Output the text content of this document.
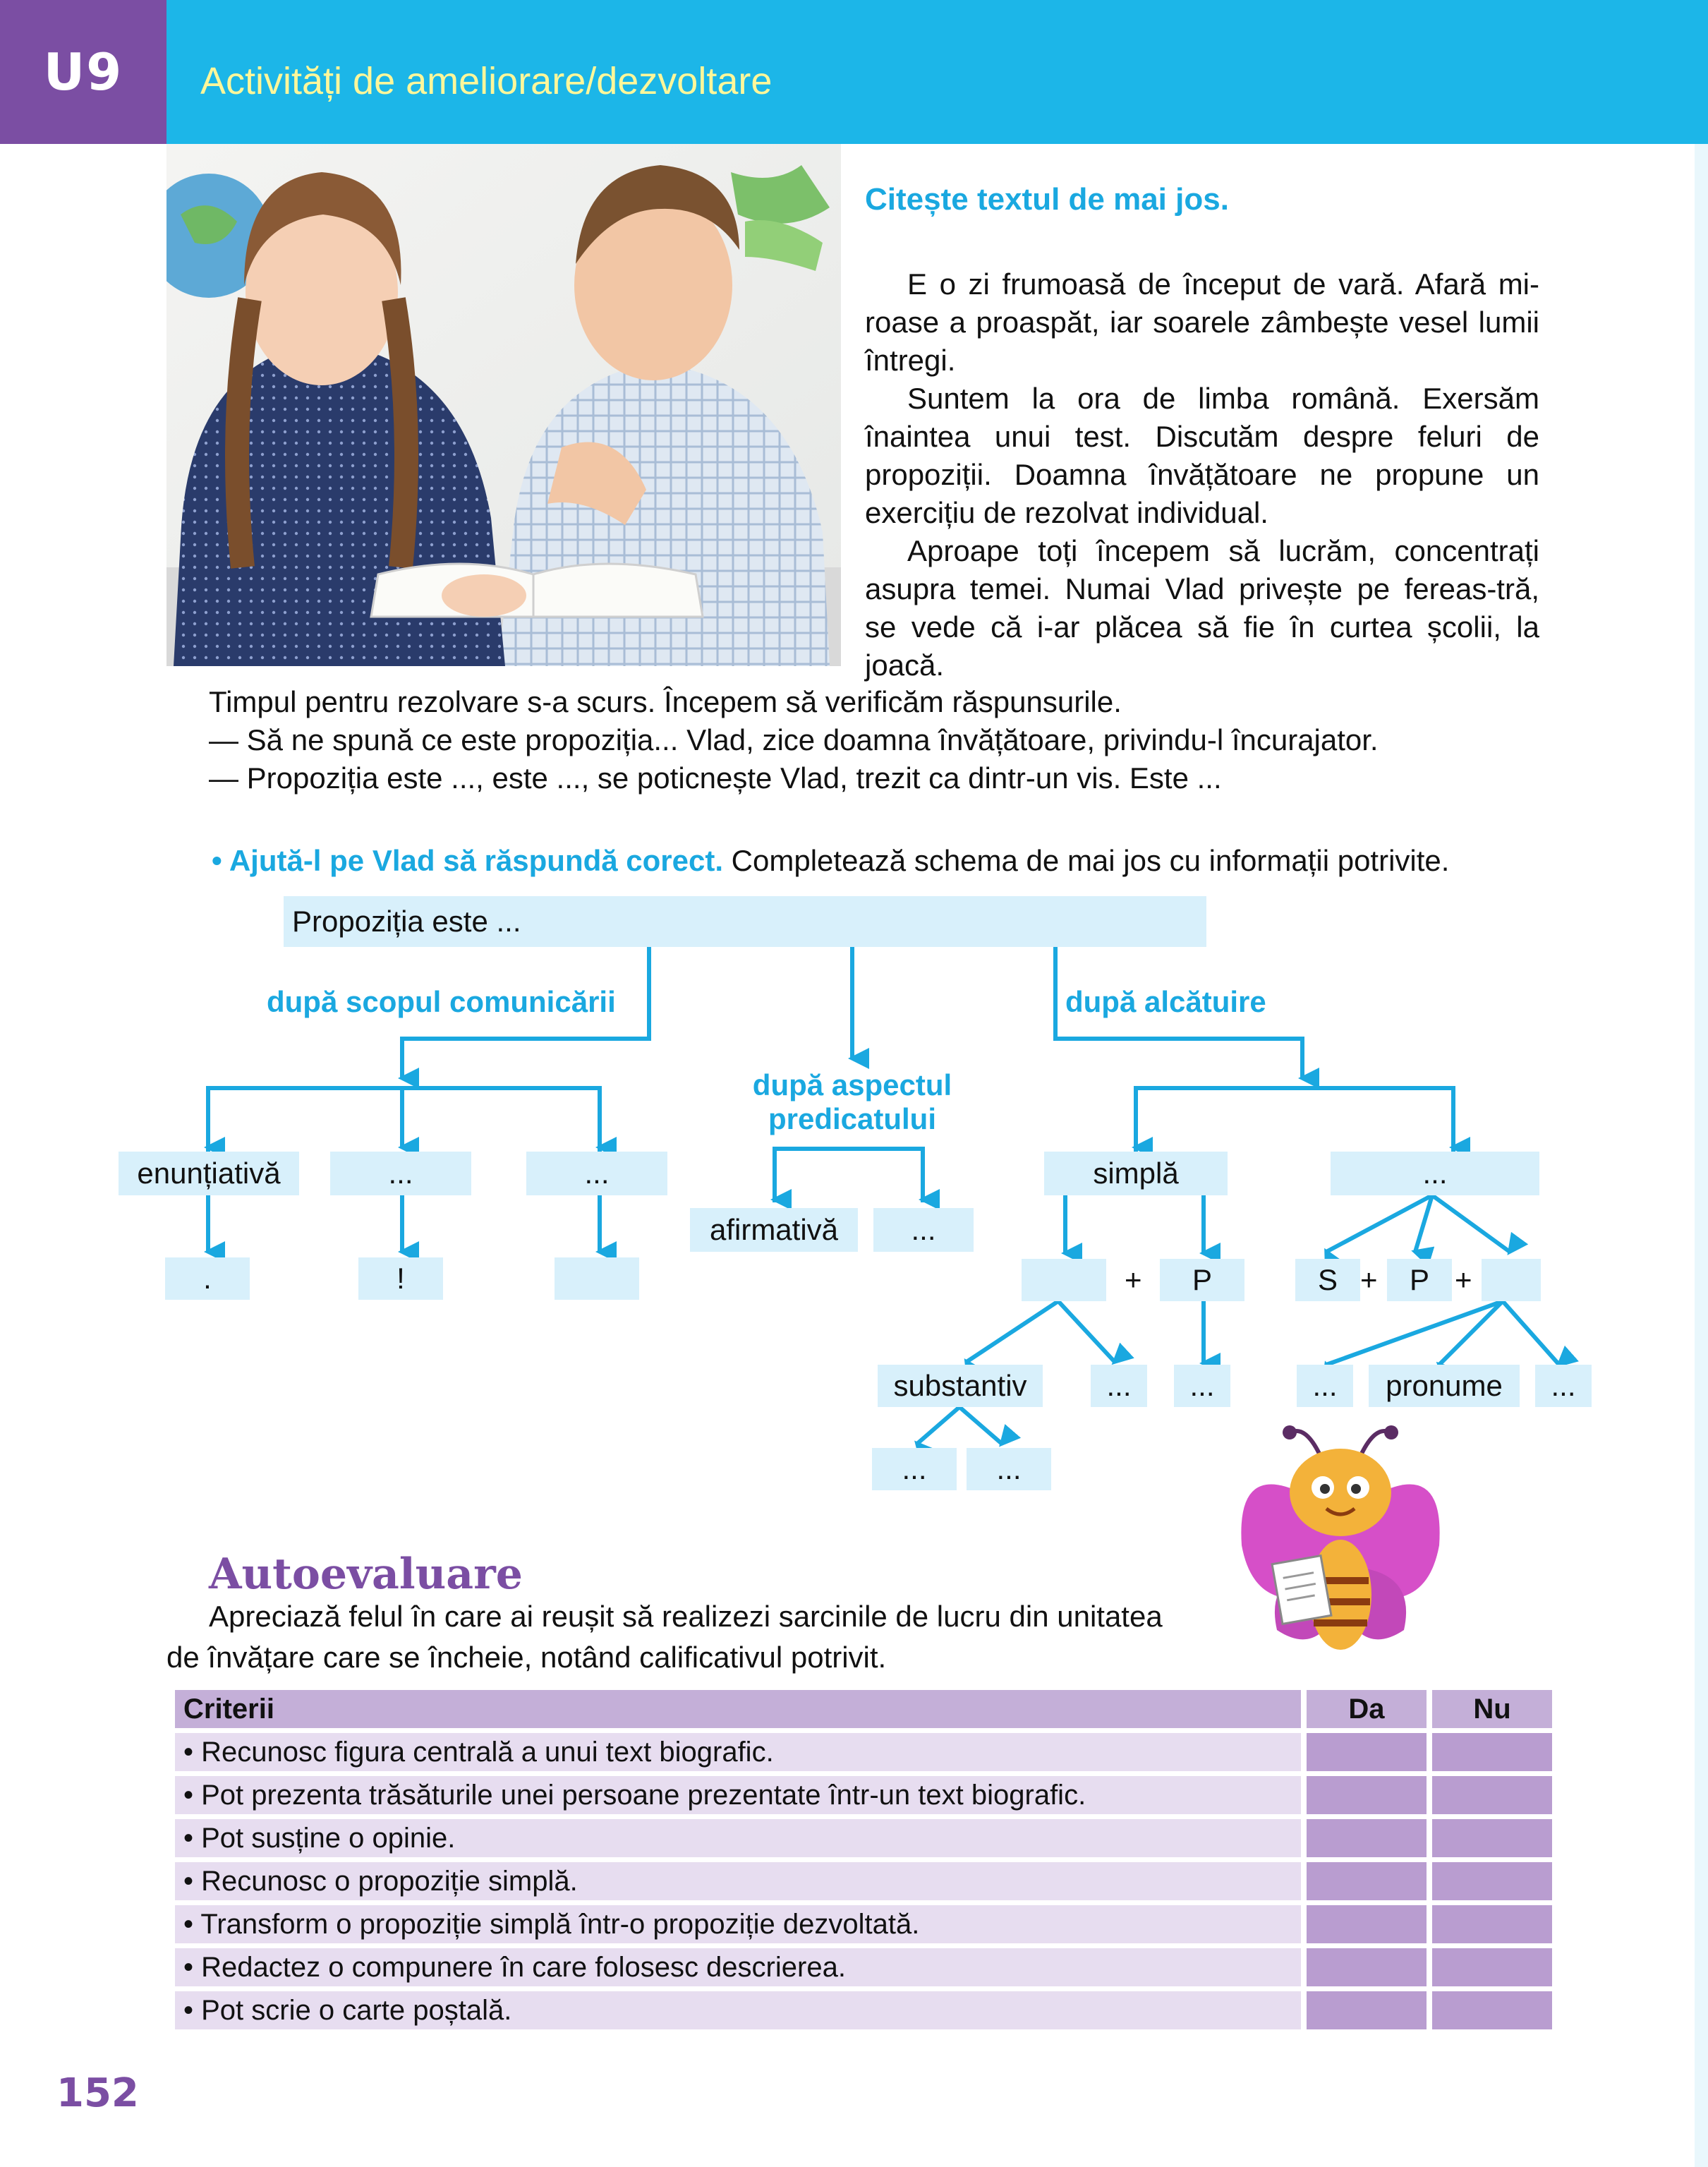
U9 Activități de ameliorare/dezvoltare
Citește textul de mai jos.
E o zi frumoasă de început de vară. Afară mi-roase a proaspăt, iar soarele zâmbește vesel lumii întregi.
Suntem la ora de limba română. Exersăm înaintea unui test. Discutăm despre feluri de propoziții. Doamna învățătoare ne propune un exercițiu de rezolvat individual.
Aproape toți începem să lucrăm, concentrați asupra temei. Numai Vlad privește pe fereas-tră, se vede că i-ar plăcea să fie în curtea școlii, la joacă.
Timpul pentru rezolvare s-a scurs. Începem să verificăm răspunsurile.
— Să ne spună ce este propoziția... Vlad, zice doamna învățătoare, privindu-l încurajator.
— Propoziția este ..., este ..., se poticnește Vlad, trezit ca dintr-un vis. Este ...
• Ajută-l pe Vlad să răspundă corect. Completează schema de mai jos cu informații potrivite.
Propoziția este ...
după scopul comunicării
după aspectul
predicatului
după alcătuire
enunțiativă	...	...
.	!
afirmativă	...
simplă	...
+	P	S +	P +
substantiv	...	...	...	pronume	...
...	...
Autoevaluare
Apreciază felul în care ai reușit să realizezi sarcinile de lucru din unitatea de învățare care se încheie, notând calificativul potrivit.
Criterii	Da	Nu
• Recunosc figura centrală a unui text biografic.		
• Pot prezenta trăsăturile unei persoane prezentate într-un text biografic.		
• Pot susține o opinie.		
• Recunosc o propoziție simplă.		
• Transform o propoziție simplă într-o propoziție dezvoltată.		
• Redactez o compunere în care folosesc descrierea.		
• Pot scrie o carte poștală.		
152
